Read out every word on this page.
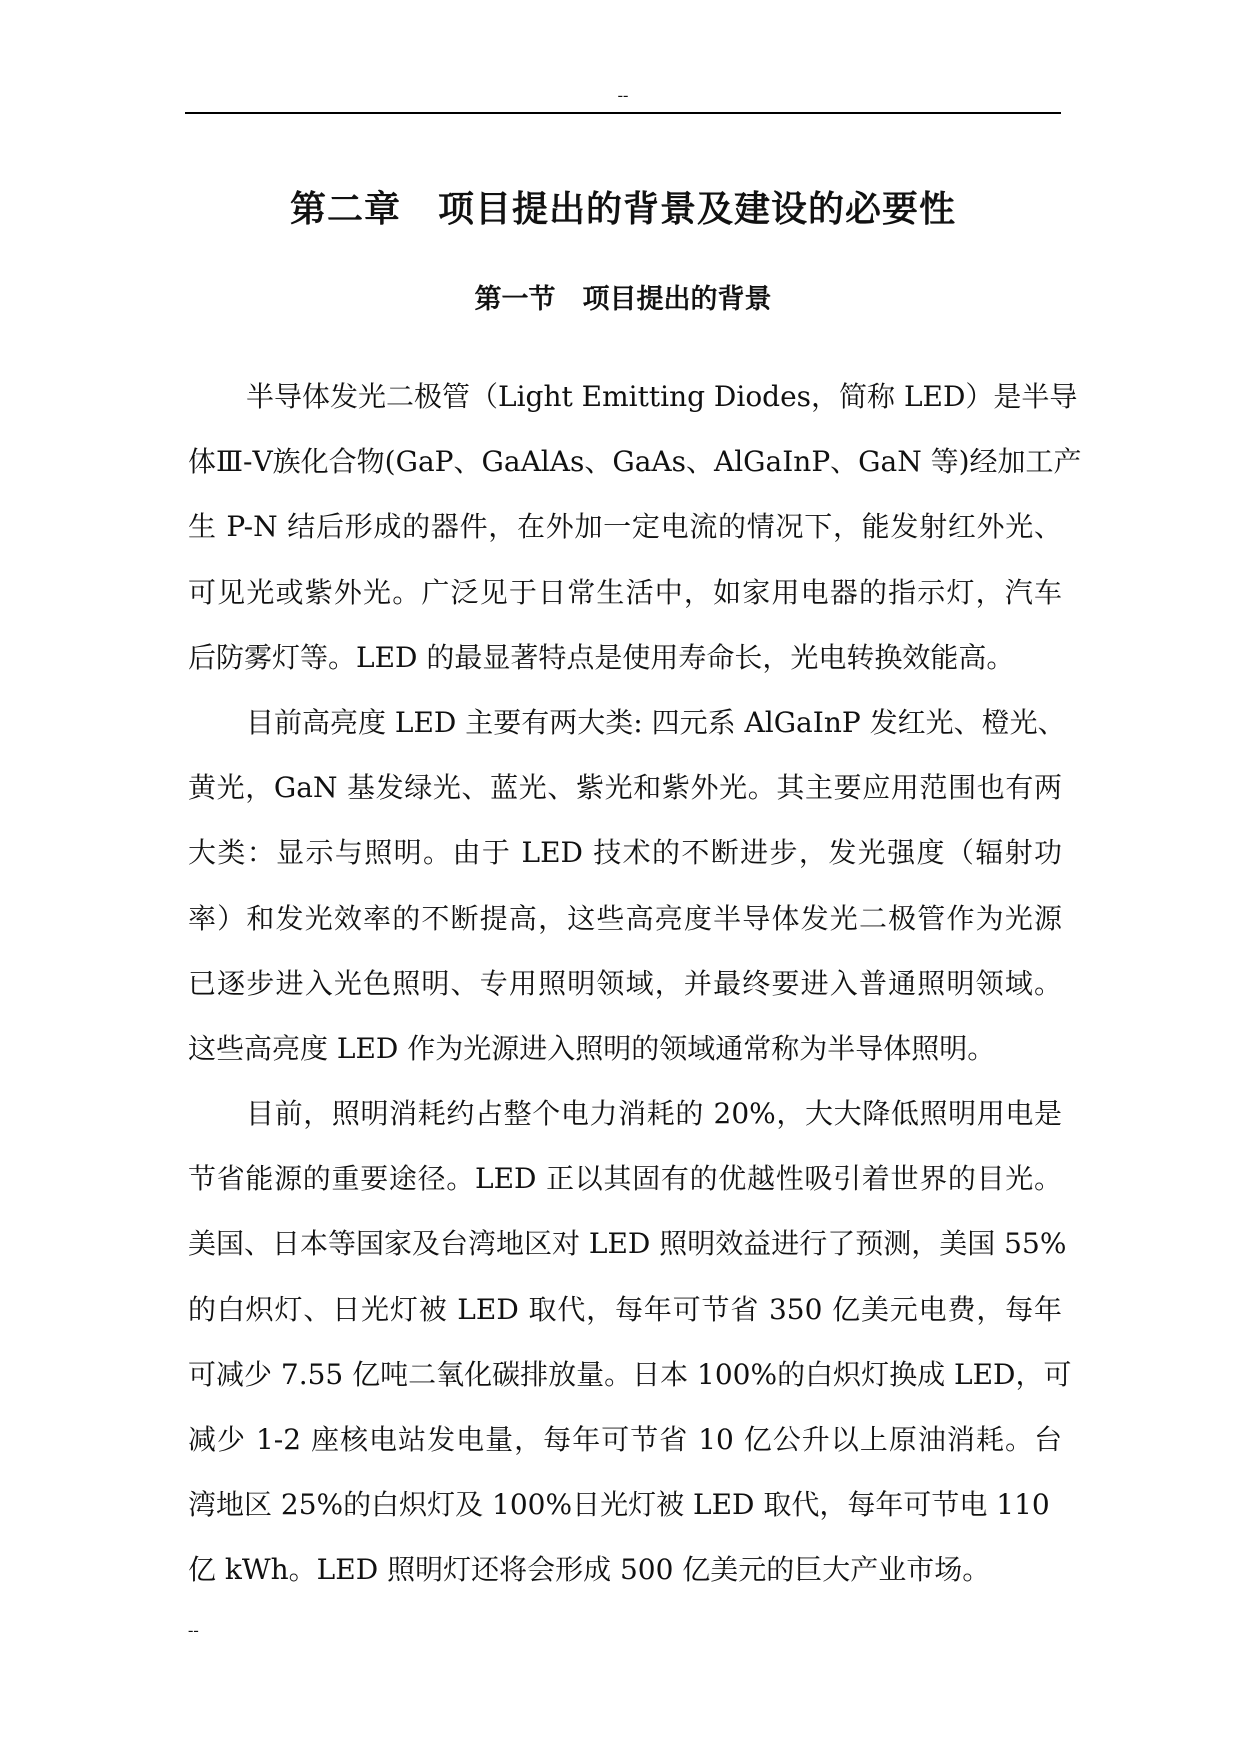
--
第二章　项目提出的背景及建设的必要性
第一节　项目提出的背景
半导体发光二极管（Light Emitting Diodes，简称 LED）是半导
体Ⅲ-Ⅴ族化合物(GaP、GaAlAs、GaAs、AlGaInP、GaN 等)经加工产
生 P-N 结后形成的器件，在外加一定电流的情况下，能发射红外光、
可见光或紫外光。广泛见于日常生活中，如家用电器的指示灯，汽车
后防雾灯等。LED 的最显著特点是使用寿命长，光电转换效能高。
目前高亮度 LED 主要有两大类: 四元系 AlGaInP 发红光、橙光、
黄光，GaN 基发绿光、蓝光、紫光和紫外光。其主要应用范围也有两
大类：显示与照明。由于 LED 技术的不断进步，发光强度（辐射功
率）和发光效率的不断提高，这些高亮度半导体发光二极管作为光源
已逐步进入光色照明、专用照明领域，并最终要进入普通照明领域。
这些高亮度 LED 作为光源进入照明的领域通常称为半导体照明。
目前，照明消耗约占整个电力消耗的 20%，大大降低照明用电是
节省能源的重要途径。LED 正以其固有的优越性吸引着世界的目光。
美国、日本等国家及台湾地区对 LED 照明效益进行了预测，美国 55%
的白炽灯、日光灯被 LED 取代，每年可节省 350 亿美元电费，每年
可减少 7.55 亿吨二氧化碳排放量。日本 100%的白炽灯换成 LED，可
减少 1-2 座核电站发电量，每年可节省 10 亿公升以上原油消耗。台
湾地区 25%的白炽灯及 100%日光灯被 LED 取代，每年可节电 110
亿 kWh。LED 照明灯还将会形成 500 亿美元的巨大产业市场。
--
